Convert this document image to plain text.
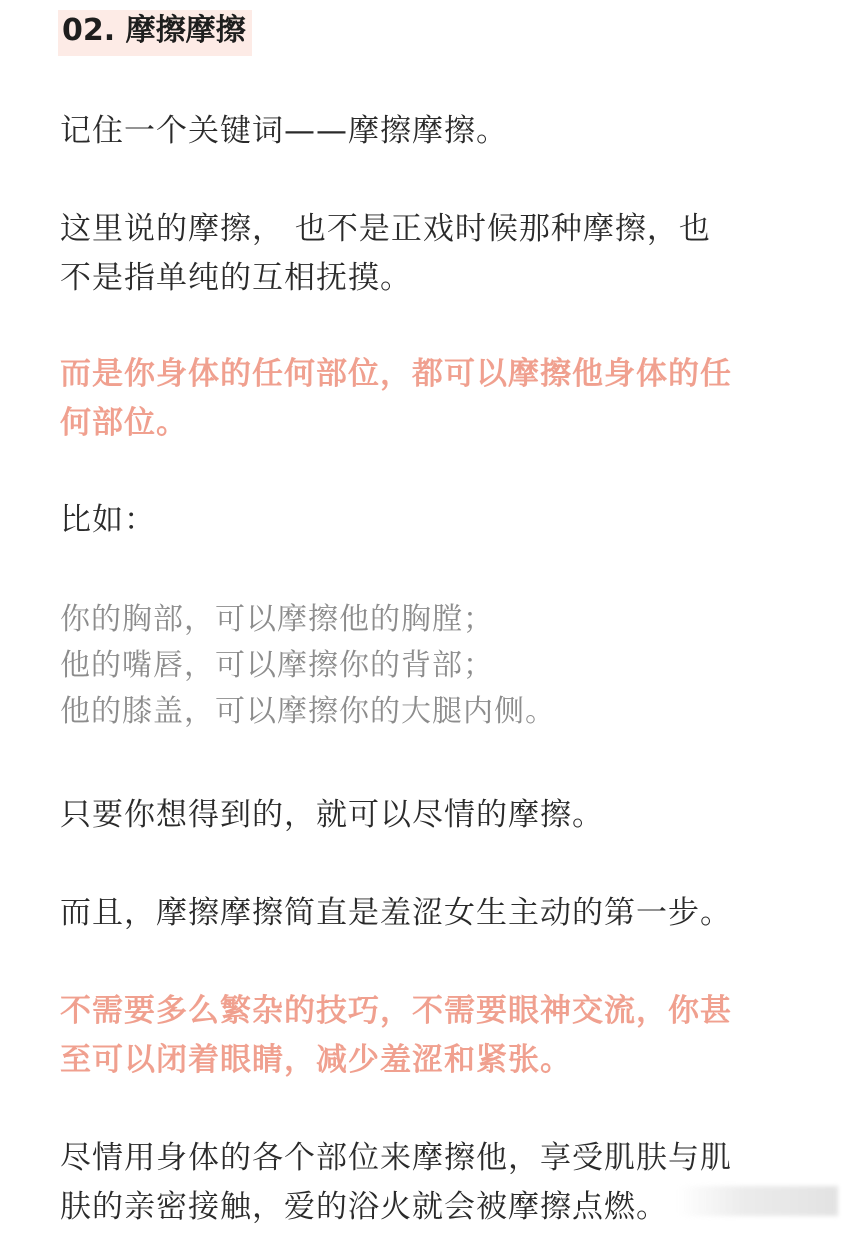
02. 摩擦摩擦
记住一个关键词——摩擦摩擦。
这里说的摩擦， 也不是正戏时候那种摩擦，也
不是指单纯的互相抚摸。
而是你身体的任何部位，都可以摩擦他身体的任
何部位。
比如：
你的胸部，可以摩擦他的胸膛；
他的嘴唇，可以摩擦你的背部；
他的膝盖，可以摩擦你的大腿内侧。
只要你想得到的，就可以尽情的摩擦。
而且，摩擦摩擦简直是羞涩女生主动的第一步。
不需要多么繁杂的技巧，不需要眼神交流，你甚
至可以闭着眼睛，减少羞涩和紧张。
尽情用身体的各个部位来摩擦他，享受肌肤与肌
肤的亲密接触，爱的浴火就会被摩擦点燃。
